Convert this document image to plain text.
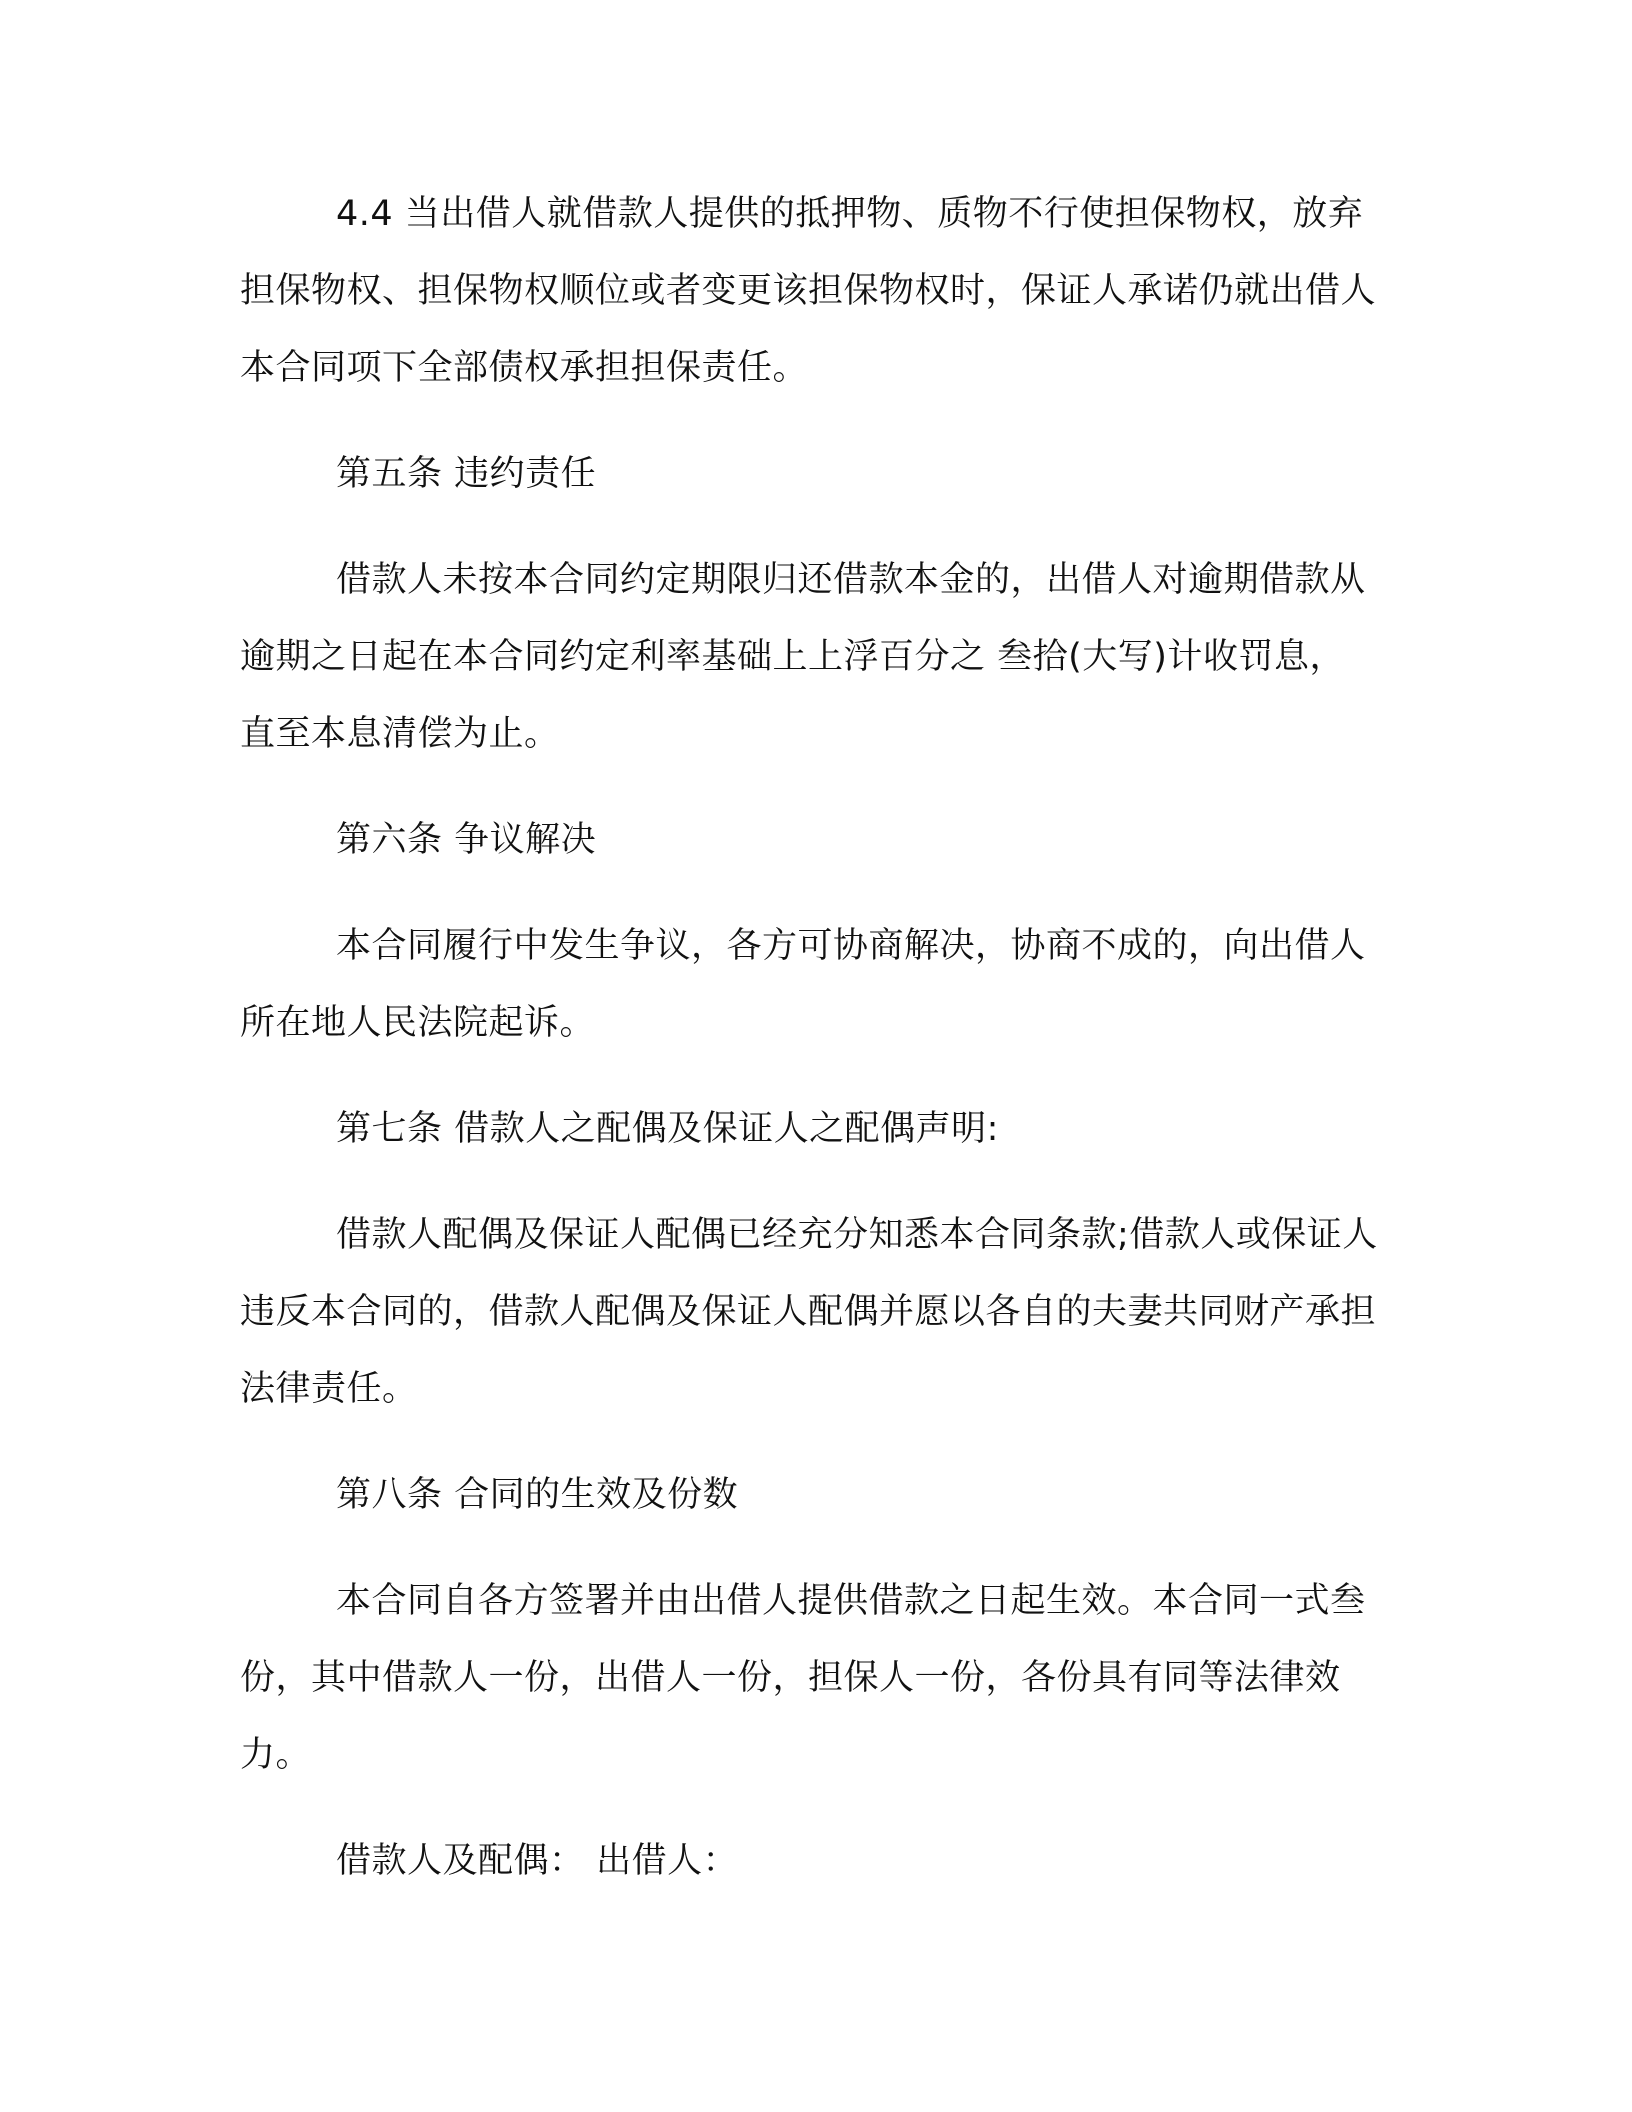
4.4 当出借人就借款人提供的抵押物、质物不行使担保物权，放弃担保物权、担保物权顺位或者变更该担保物权时，保证人承诺仍就出借人本合同项下全部债权承担担保责任。

第五条 违约责任

借款人未按本合同约定期限归还借款本金的，出借人对逾期借款从逾期之日起在本合同约定利率基础上上浮百分之 叁拾(大写)计收罚息，直至本息清偿为止。

第六条 争议解决

本合同履行中发生争议，各方可协商解决，协商不成的，向出借人所在地人民法院起诉。

第七条 借款人之配偶及保证人之配偶声明:

借款人配偶及保证人配偶已经充分知悉本合同条款;借款人或保证人违反本合同的，借款人配偶及保证人配偶并愿以各自的夫妻共同财产承担法律责任。

第八条 合同的生效及份数

本合同自各方签署并由出借人提供借款之日起生效。本合同一式叁份，其中借款人一份，出借人一份，担保人一份，各份具有同等法律效力。

借款人及配偶： 出借人：
